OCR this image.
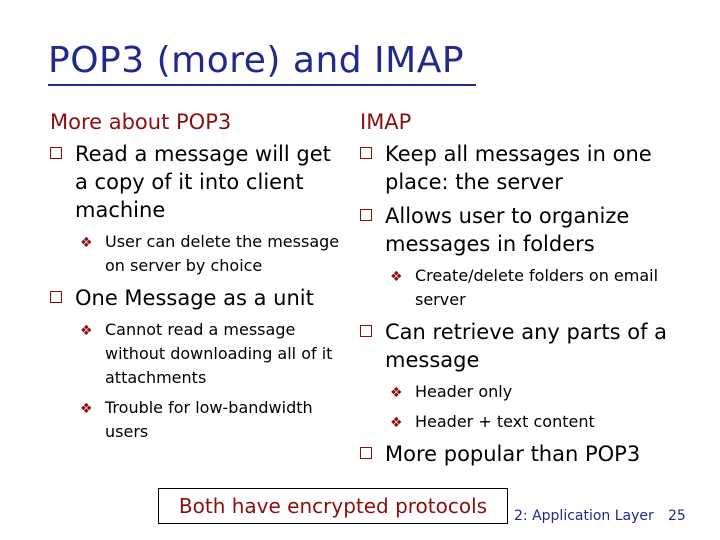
POP3 (more) and IMAP
More about POP3
Read a message will get a copy of it into client machine
❖ User can delete the message on server by choice
One Message as a unit
❖ Cannot read a message without downloading all of it attachments
❖ Trouble for low-bandwidth users
IMAP
Keep all messages in one place: the server
Allows user to organize messages in folders
❖ Create/delete folders on email server
Can retrieve any parts of a message
❖ Header only
❖ Header + text content
More popular than POP3
Both have encrypted protocols	2: Application Layer 25
